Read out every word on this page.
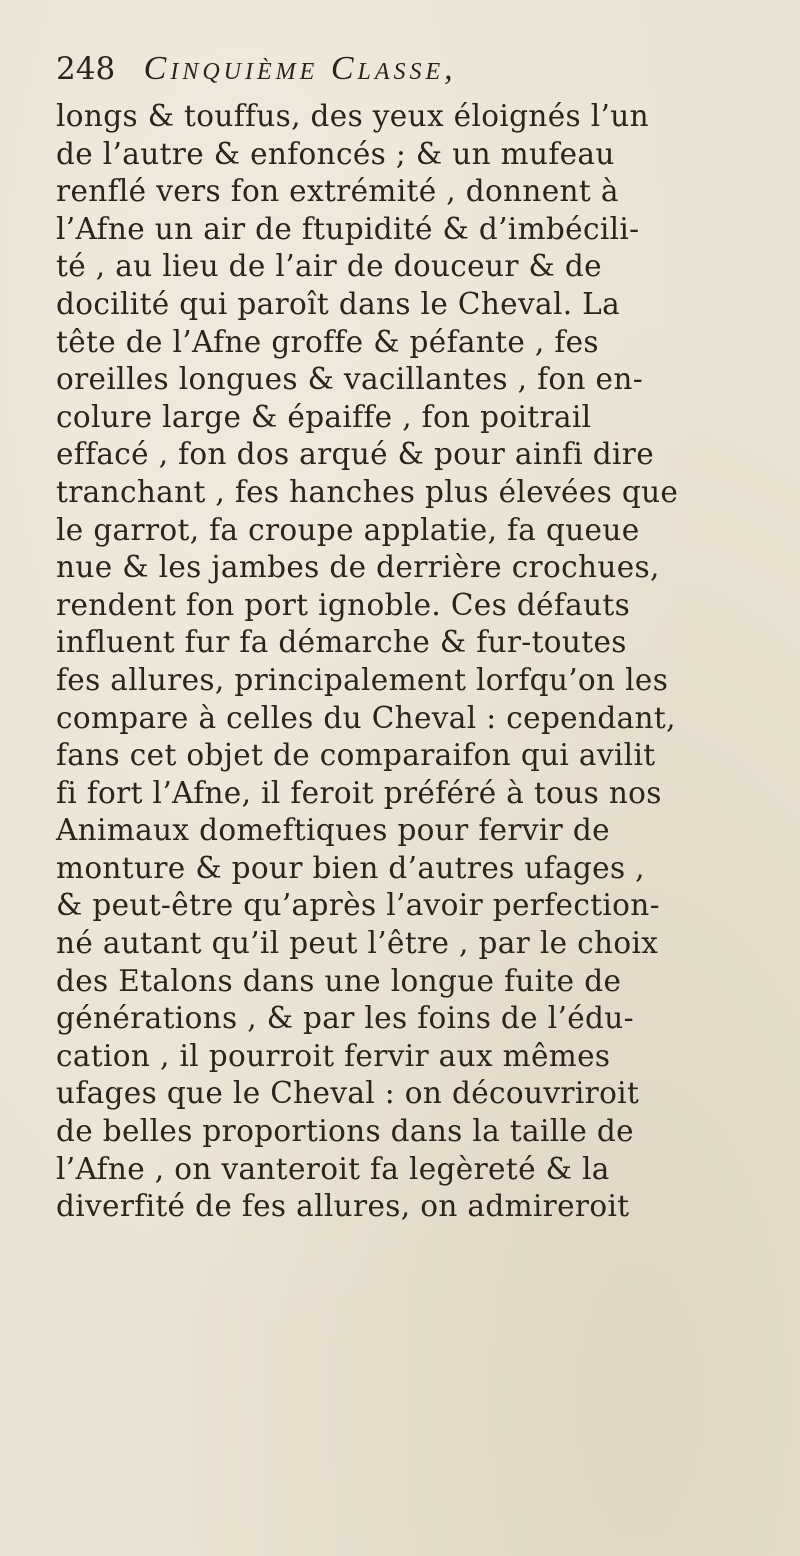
248 Cinquième Classe,
longs & touffus, des yeux éloignés l’un
de l’autre & enfoncés ; & un mufeau
renflé vers fon extrémité , donnent à
l’Afne un air de ftupidité & d’imbécili-
té , au lieu de l’air de douceur & de
docilité qui paroît dans le Cheval. La
tête de l’Afne groffe & péfante , fes
oreilles longues & vacillantes , fon en-
colure large & épaiffe , fon poitrail
effacé , fon dos arqué & pour ainfi dire
tranchant , fes hanches plus élevées que
le garrot, fa croupe applatie, fa queue
nue & les jambes de derrière crochues,
rendent fon port ignoble. Ces défauts
influent fur fa démarche & fur-toutes
fes allures, principalement lorfqu’on les
compare à celles du Cheval : cependant,
fans cet objet de comparaifon qui avilit
fi fort l’Afne, il feroit préféré à tous nos
Animaux domeftiques pour fervir de
monture & pour bien d’autres ufages ,
& peut-être qu’après l’avoir perfection-
né autant qu’il peut l’être , par le choix
des Etalons dans une longue fuite de
générations , & par les foins de l’édu-
cation , il pourroit fervir aux mêmes
ufages que le Cheval : on découvriroit
de belles proportions dans la taille de
l’Afne , on vanteroit fa legèreté & la
diverfité de fes allures, on admireroit
